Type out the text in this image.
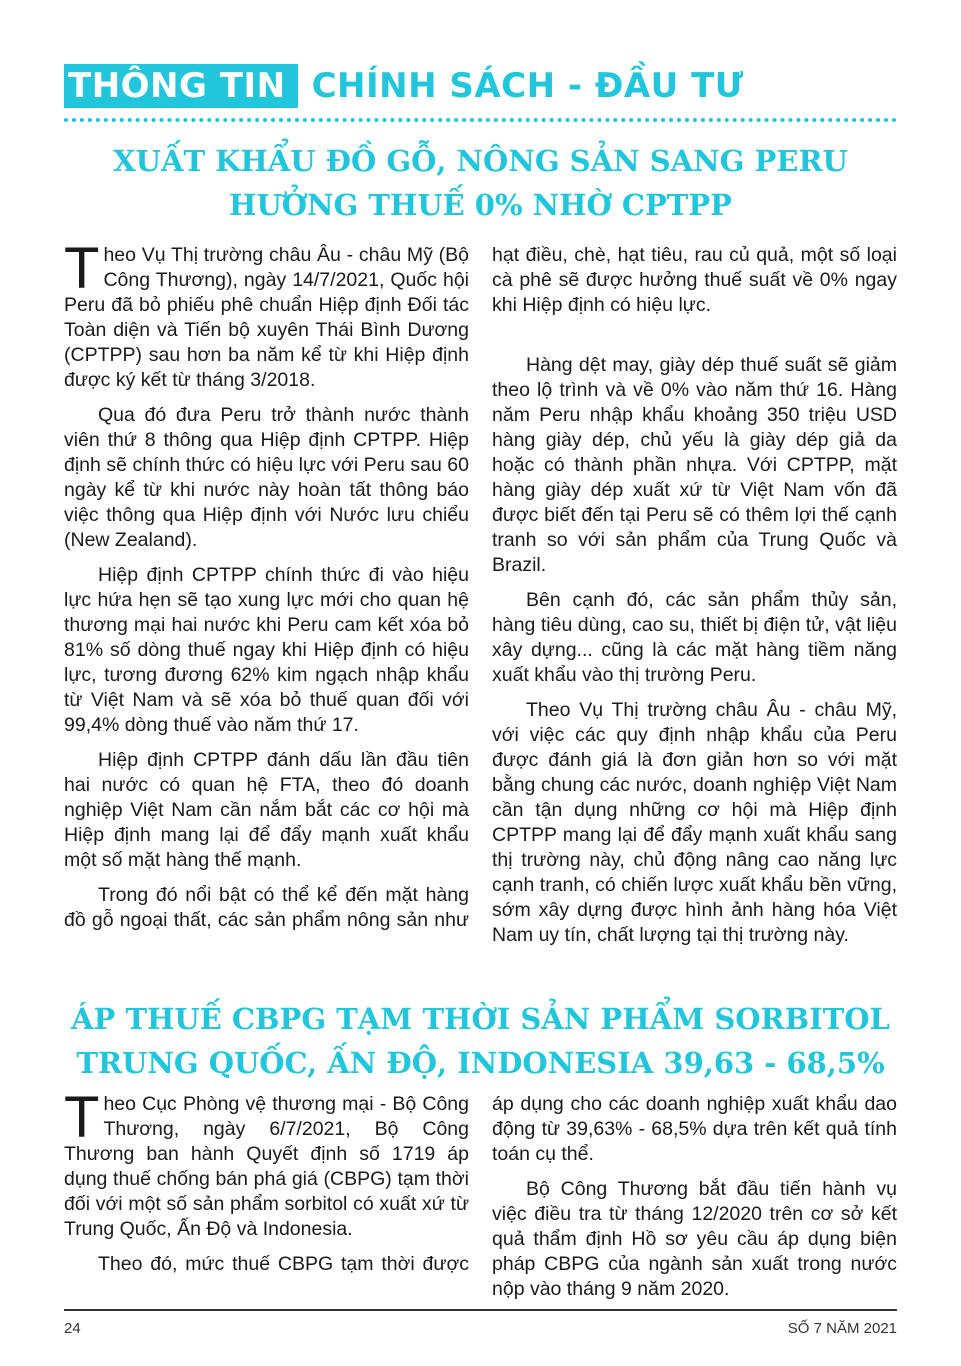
THÔNG TIN CHÍNH SÁCH - ĐẦU TƯ
XUẤT KHẨU ĐỒ GỖ, NÔNG SẢN SANG PERU
HƯỞNG THUẾ 0% NHỜ CPTPP

Theo Vụ Thị trường châu Âu - châu Mỹ (Bộ Công Thương), ngày 14/7/2021, Quốc hội Peru đã bỏ phiếu phê chuẩn Hiệp định Đối tác Toàn diện và Tiến bộ xuyên Thái Bình Dương (CPTPP) sau hơn ba năm kể từ khi Hiệp định được ký kết từ tháng 3/2018.

Qua đó đưa Peru trở thành nước thành viên thứ 8 thông qua Hiệp định CPTPP. Hiệp định sẽ chính thức có hiệu lực với Peru sau 60 ngày kể từ khi nước này hoàn tất thông báo việc thông qua Hiệp định với Nước lưu chiểu (New Zealand).

Hiệp định CPTPP chính thức đi vào hiệu lực hứa hẹn sẽ tạo xung lực mới cho quan hệ thương mại hai nước khi Peru cam kết xóa bỏ 81% số dòng thuế ngay khi Hiệp định có hiệu lực, tương đương 62% kim ngạch nhập khẩu từ Việt Nam và sẽ xóa bỏ thuế quan đối với 99,4% dòng thuế vào năm thứ 17.

Hiệp định CPTPP đánh dấu lần đầu tiên hai nước có quan hệ FTA, theo đó doanh nghiệp Việt Nam cần nắm bắt các cơ hội mà Hiệp định mang lại để đẩy mạnh xuất khẩu một số mặt hàng thế mạnh.

Trong đó nổi bật có thể kể đến mặt hàng đồ gỗ ngoại thất, các sản phẩm nông sản như

hạt điều, chè, hạt tiêu, rau củ quả, một số loại cà phê sẽ được hưởng thuế suất về 0% ngay khi Hiệp định có hiệu lực.

Hàng dệt may, giày dép thuế suất sẽ giảm theo lộ trình và về 0% vào năm thứ 16. Hàng năm Peru nhập khẩu khoảng 350 triệu USD hàng giày dép, chủ yếu là giày dép giả da hoặc có thành phần nhựa. Với CPTPP, mặt hàng giày dép xuất xứ từ Việt Nam vốn đã được biết đến tại Peru sẽ có thêm lợi thế cạnh tranh so với sản phẩm của Trung Quốc và Brazil.

Bên cạnh đó, các sản phẩm thủy sản, hàng tiêu dùng, cao su, thiết bị điện tử, vật liệu xây dựng... cũng là các mặt hàng tiềm năng xuất khẩu vào thị trường Peru.

Theo Vụ Thị trường châu Âu - châu Mỹ, với việc các quy định nhập khẩu của Peru được đánh giá là đơn giản hơn so với mặt bằng chung các nước, doanh nghiệp Việt Nam cần tận dụng những cơ hội mà Hiệp định CPTPP mang lại để đẩy mạnh xuất khẩu sang thị trường này, chủ động nâng cao năng lực cạnh tranh, có chiến lược xuất khẩu bền vững, sớm xây dựng được hình ảnh hàng hóa Việt Nam uy tín, chất lượng tại thị trường này.

ÁP THUẾ CBPG TẠM THỜI SẢN PHẨM SORBITOL
TRUNG QUỐC, ẤN ĐỘ, INDONESIA 39,63 - 68,5%

Theo Cục Phòng vệ thương mại - Bộ Công Thương, ngày 6/7/2021, Bộ Công Thương ban hành Quyết định số 1719 áp dụng thuế chống bán phá giá (CBPG) tạm thời đối với một số sản phẩm sorbitol có xuất xứ từ Trung Quốc, Ấn Độ và Indonesia.

Theo đó, mức thuế CBPG tạm thời được

áp dụng cho các doanh nghiệp xuất khẩu dao động từ 39,63% - 68,5% dựa trên kết quả tính toán cụ thể.

Bộ Công Thương bắt đầu tiến hành vụ việc điều tra từ tháng 12/2020 trên cơ sở kết quả thẩm định Hồ sơ yêu cầu áp dụng biện pháp CBPG của ngành sản xuất trong nước nộp vào tháng 9 năm 2020.

24	SỐ 7 NĂM 2021
